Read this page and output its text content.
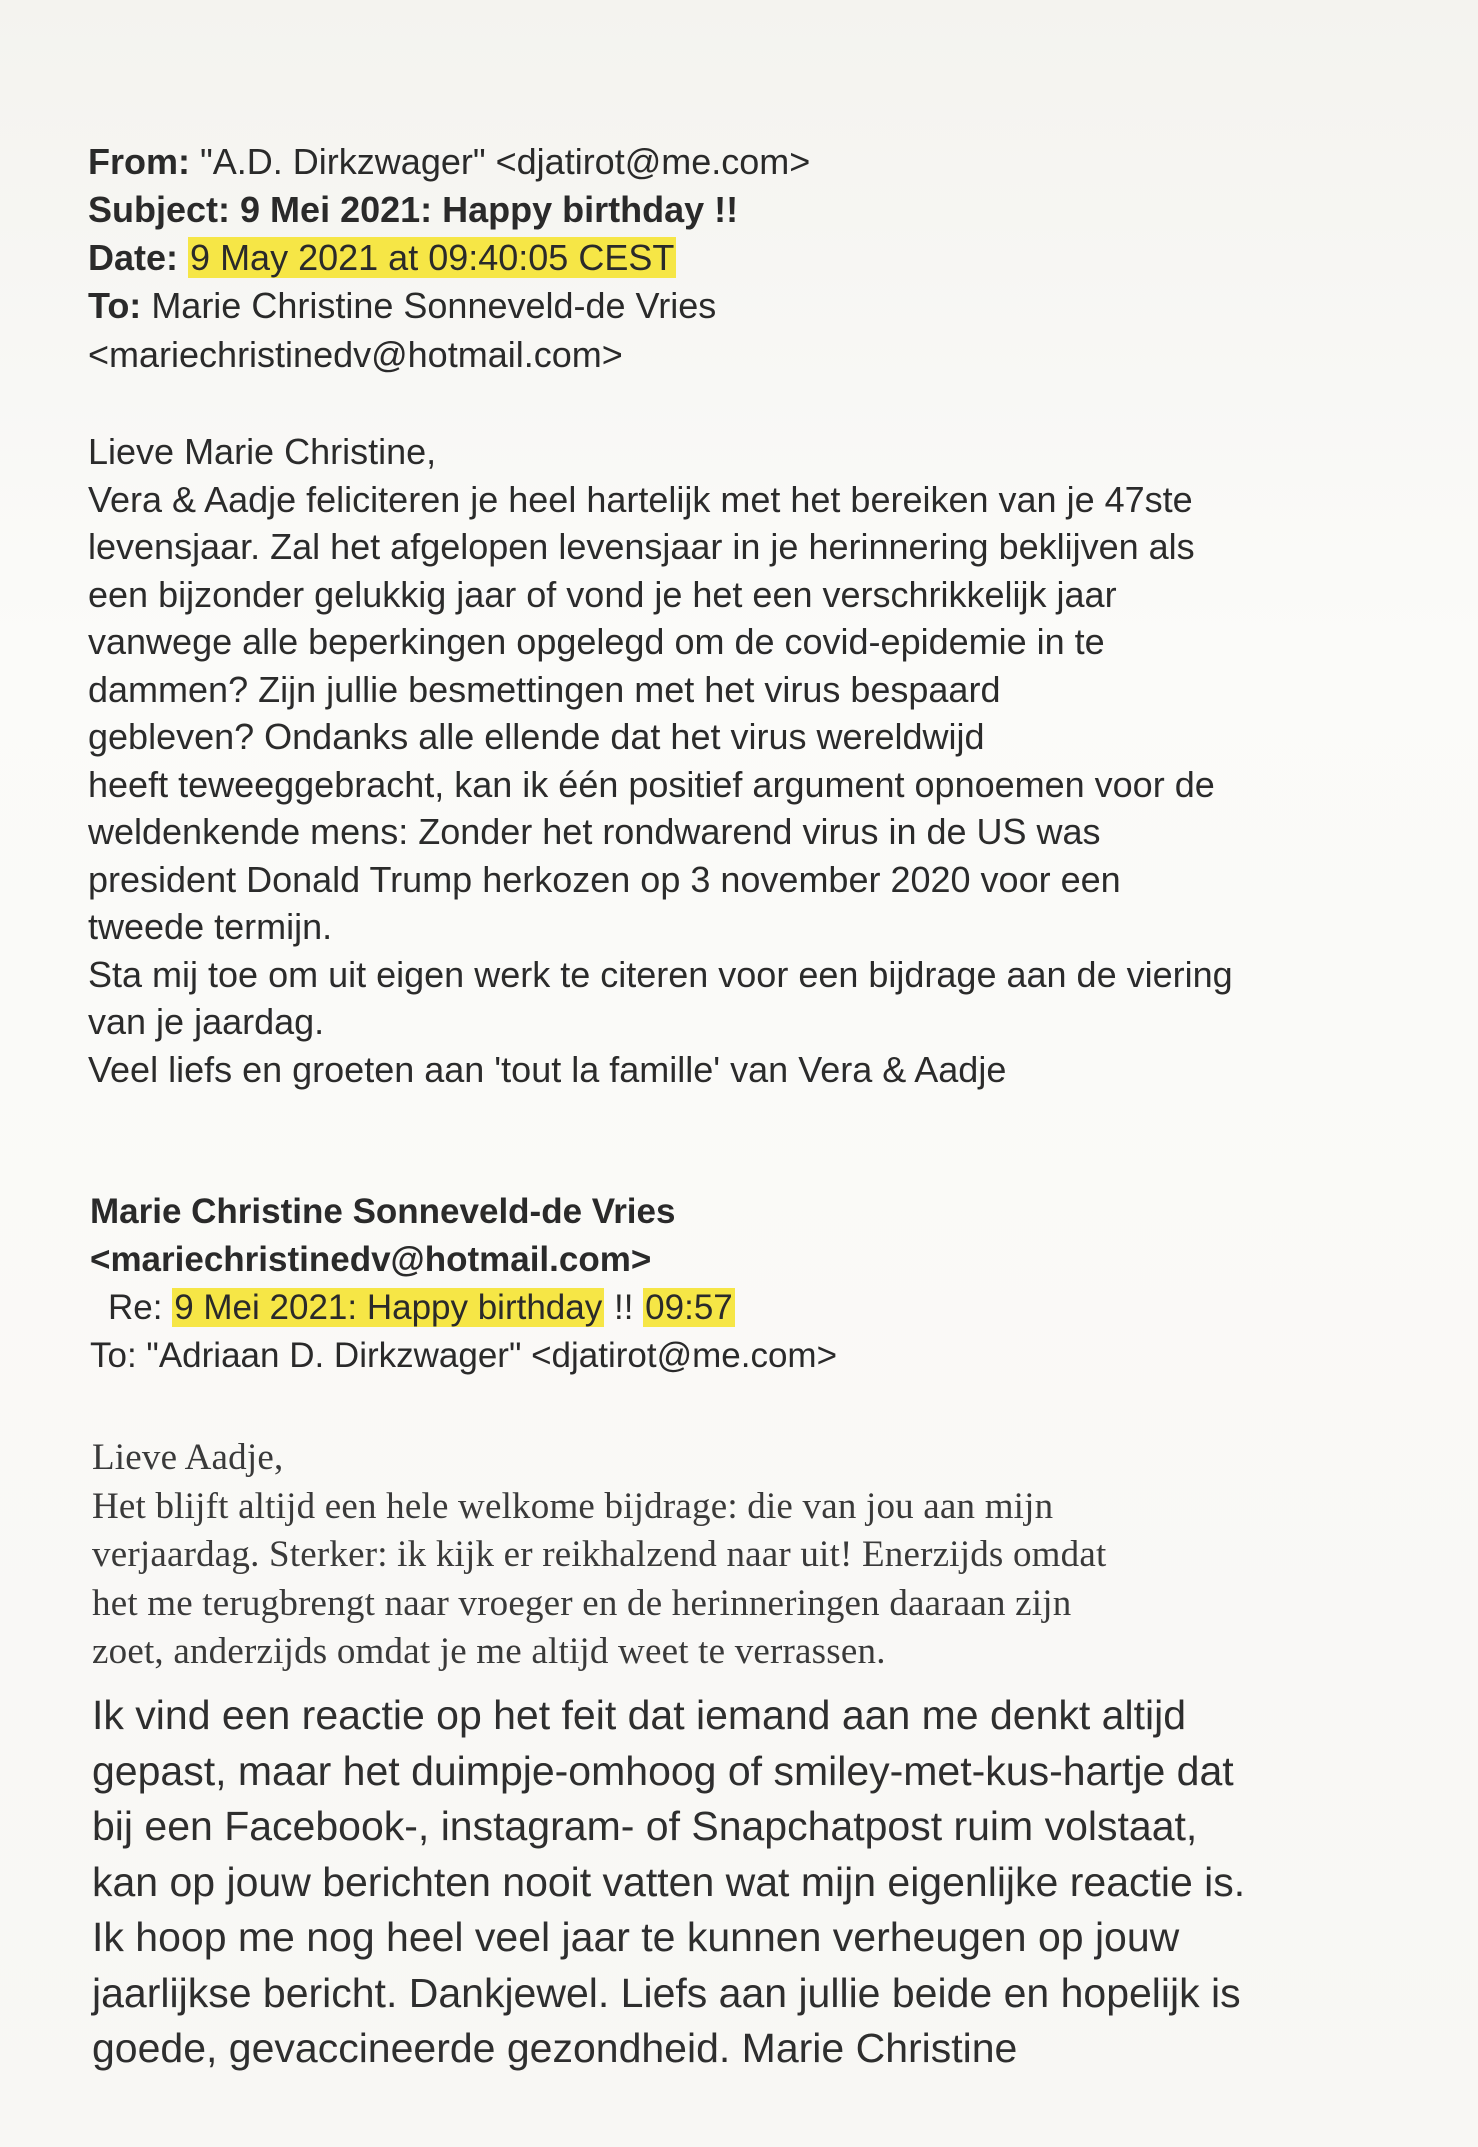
From: "A.D. Dirkzwager" <djatirot@me.com>
Subject: 9 Mei 2021: Happy birthday !!
Date: 9 May 2021 at 09:40:05 CEST
To: Marie Christine Sonneveld-de Vries
<mariechristinedv@hotmail.com>
Lieve Marie Christine,
Vera & Aadje feliciteren je heel hartelijk met het bereiken van je 47ste
levensjaar. Zal het afgelopen levensjaar in je herinnering beklijven als
een bijzonder gelukkig jaar of vond je het een verschrikkelijk jaar
vanwege alle beperkingen opgelegd om de covid-epidemie in te
dammen? Zijn jullie besmettingen met het virus bespaard
gebleven? Ondanks alle ellende dat het virus wereldwijd
heeft teweeggebracht, kan ik één positief argument opnoemen voor de
weldenkende mens: Zonder het rondwarend virus in de US was
president Donald Trump herkozen op 3 november 2020 voor een
tweede termijn.
Sta mij toe om uit eigen werk te citeren voor een bijdrage aan de viering
van je jaardag.
Veel liefs en groeten aan 'tout la famille' van Vera & Aadje
Marie Christine Sonneveld-de Vries
<mariechristinedv@hotmail.com>
Re: 9 Mei 2021: Happy birthday !! 09:57
To: "Adriaan D. Dirkzwager" <djatirot@me.com>
Lieve Aadje,
Het blijft altijd een hele welkome bijdrage: die van jou aan mijn
verjaardag. Sterker: ik kijk er reikhalzend naar uit! Enerzijds omdat
het me terugbrengt naar vroeger en de herinneringen daaraan zijn
zoet, anderzijds omdat je me altijd weet te verrassen.
Ik vind een reactie op het feit dat iemand aan me denkt altijd
gepast, maar het duimpje-omhoog of smiley-met-kus-hartje dat
bij een Facebook-, instagram- of Snapchatpost ruim volstaat,
kan op jouw berichten nooit vatten wat mijn eigenlijke reactie is.
Ik hoop me nog heel veel jaar te kunnen verheugen op jouw
jaarlijkse bericht. Dankjewel. Liefs aan jullie beide en hopelijk is
goede, gevaccineerde gezondheid. Marie Christine
